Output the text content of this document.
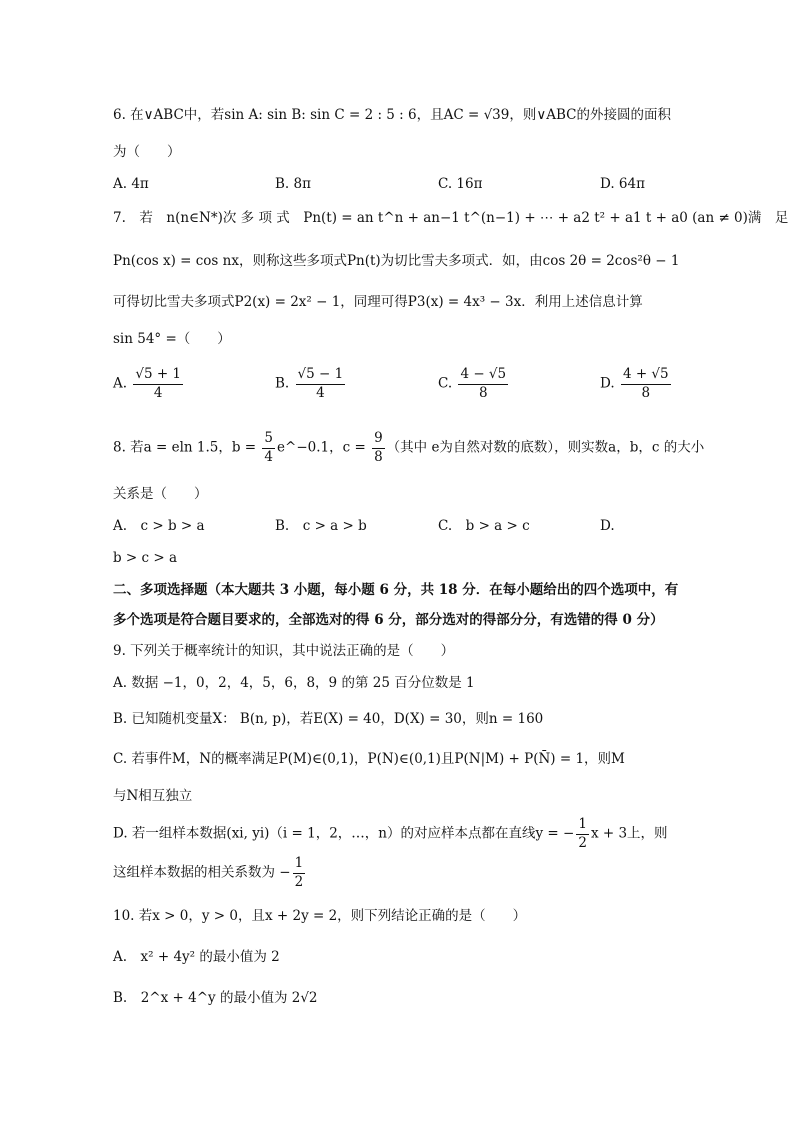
6. 在∨ABC中，若sin A: sin B: sin C = 2 : 5 : 6，且AC = √39，则∨ABC的外接圆的面积
为（　　）
A. 4π	B. 8π	C. 16π	D. 64π
7.　若　n(n∈N*)次 多 项 式　Pn(t) = an t^n + an−1 t^(n−1) + ⋯ + a2 t² + a1 t + a0 (an ≠ 0)满　足
Pn(cos x) = cos nx，则称这些多项式Pn(t)为切比雪夫多项式．如，由cos 2θ = 2cos²θ − 1
可得切比雪夫多项式P2(x) = 2x² − 1，同理可得P3(x) = 4x³ − 3x．利用上述信息计算
sin 54° =（　　）
A. $\frac{√5 + 1}{4}$	B. $\frac{√5 - 1}{4}$	C. $\frac{4 - √5}{8}$	D. $\frac{4 + √5}{8}$
8. 若a = eln 1.5，$b = \frac{5}{4}$ e^−0.1，$c = \frac{9}{8}$ （其中 e为自然对数的底数），则实数a，b，c 的大小
关系是（　　）
A.　c > b > a	B.　c > a > b	C.　b > a > c	D.
b > c > a
二、多项选择题（本大题共 3 小题，每小题 6 分，共 18 分．在每小题给出的四个选项中，有
多个选项是符合题目要求的，全部选对的得 6 分，部分选对的得部分分，有选错的得 0 分）
9. 下列关于概率统计的知识，其中说法正确的是（　　）
A. 数据 −1，0，2，4，5，6，8，9 的第 25 百分位数是 1
B. 已知随机变量X： B(n, p)，若E(X) = 40，D(X) = 30，则n = 160
C. 若事件M，N的概率满足P(M)∈(0,1)，P(N)∈(0,1)且P(N|M) + P(N̄) = 1，则M
与N相互独立
D. 若一组样本数据(xi, yi)（i = 1，2，…，n）的对应样本点都在直线y = − $\frac{1}{2}$ x + 3上，则
这组样本数据的相关系数为 − $\frac{1}{2}$
10. 若x > 0，y > 0，且x + 2y = 2，则下列结论正确的是（　　）
A.　x² + 4y² 的最小值为 2
B.　2^x + 4^y 的最小值为 2√2
